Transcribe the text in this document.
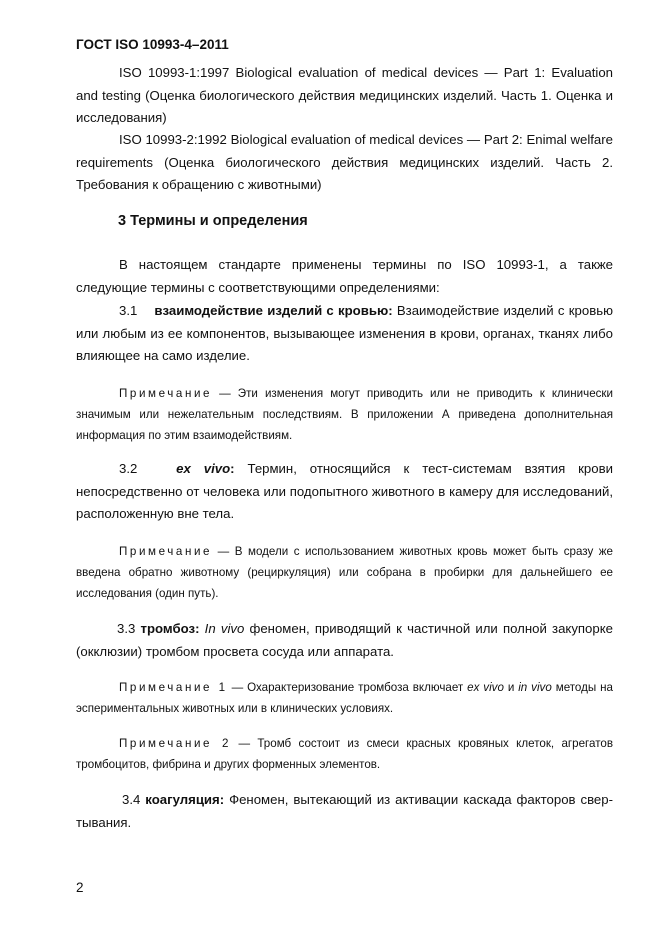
ГОСТ ISO 10993-4–2011

ISO 10993-1:1997 Biological evaluation of medical devices — Part 1: Evaluation and testing (Оценка биологического действия медицинских изделий. Часть 1. Оценка и исследования)

ISO 10993-2:1992 Biological evaluation of medical devices — Part 2: Enimal welfare requirements (Оценка биологического действия медицинских изделий. Часть 2. Требования к обращению с животными)

3 Термины и определения

В настоящем стандарте применены термины по ISO 10993-1, а также следующие термины с соответствующими определениями:

3.1 взаимодействие изделий с кровью: Взаимодействие изделий с кровью или любым из ее компонентов, вызывающее изменения в крови, органах, тканях либо влияющее на само изделие.

Примечание — Эти изменения могут приводить или не приводить к клинически значимым или нежелательным последствиям. В приложении А приведена дополнительная информация по этим взаимодействиям.

3.2	ex vivo: Термин, относящийся к тест-системам взятия крови непосредственно от человека или подопытного животного в камеру для исследований, расположенную вне тела.

Примечание — В модели с использованием животных кровь может быть сразу же введена обратно животному (рециркуляция) или собрана в пробирки для дальнейшего ее исследования (один путь).

3.3 тромбоз: In vivo феномен, приводящий к частичной или полной закупорке (окклюзии) тромбом просвета сосуда или аппарата.

Примечание 1 — Охарактеризование тромбоза включает ex vivo и in vivo методы на эспериментальных животных или в клинических условиях.

Примечание 2 — Тромб состоит из смеси красных кровяных клеток, агрегатов тромбоцитов, фибрина и других форменных элементов.

3.4 коагуляция: Феномен, вытекающий из активации каскада факторов свер-тывания.

2
